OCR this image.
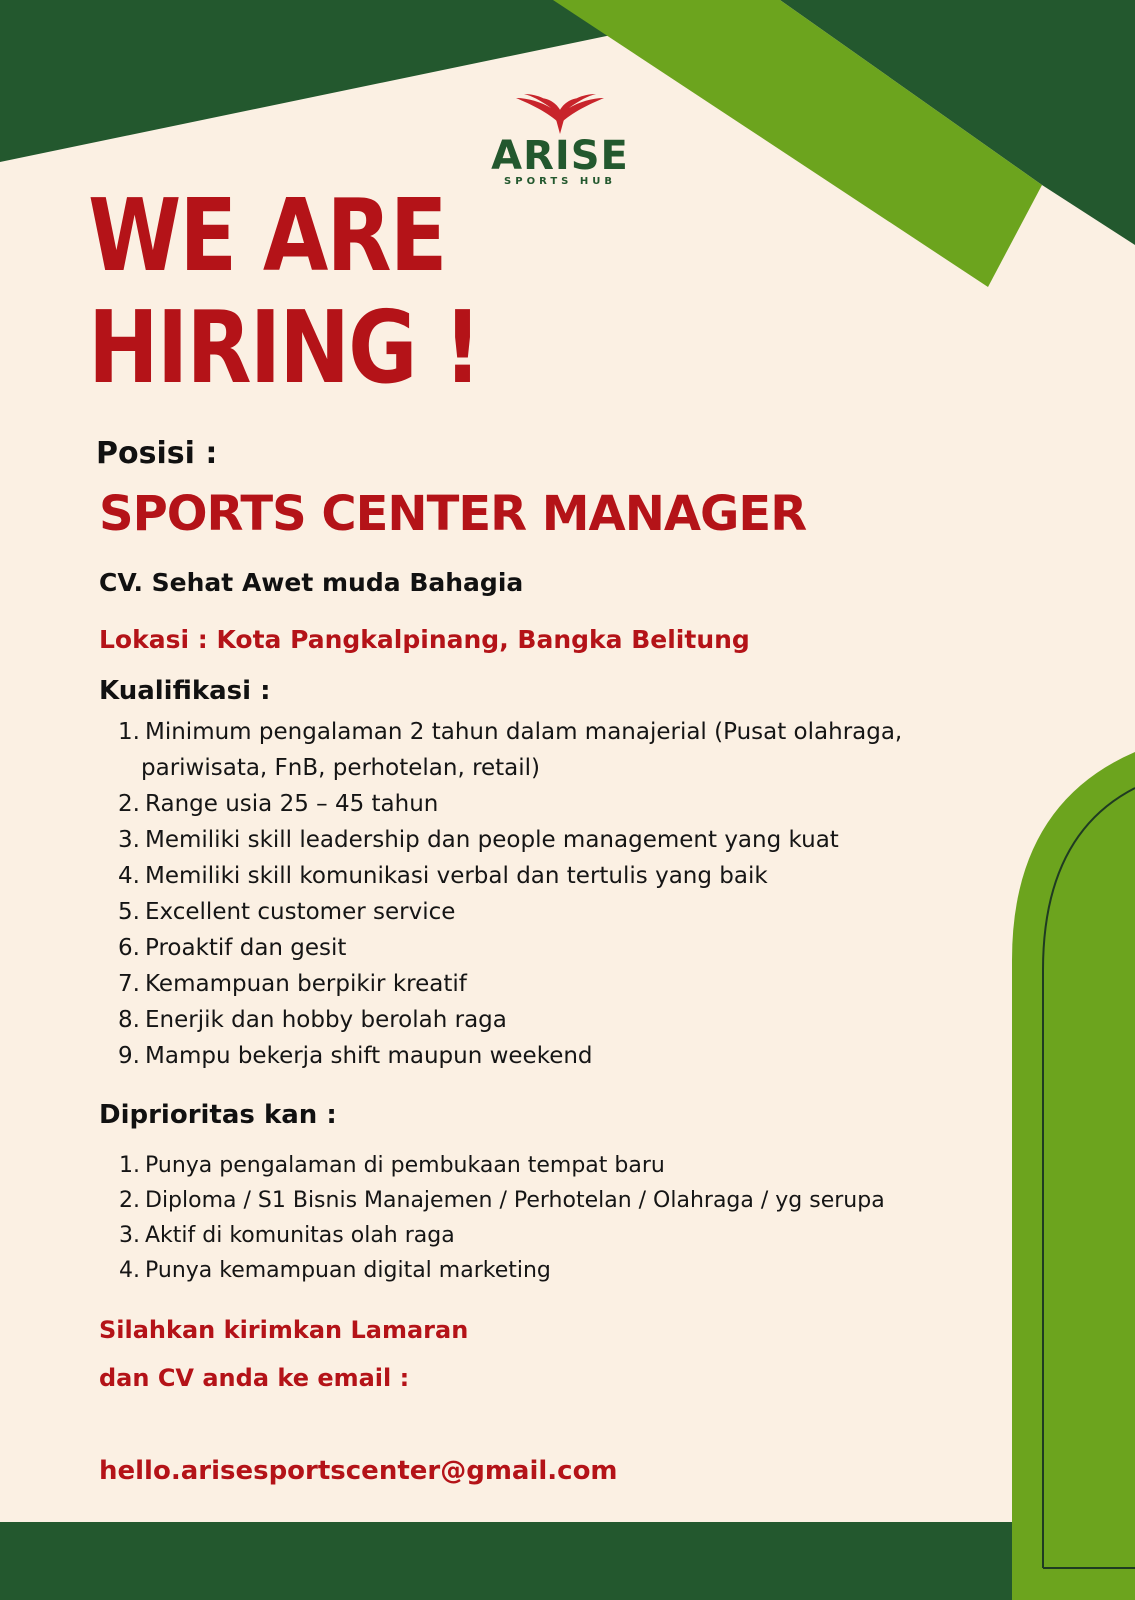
ARISE
SPORTS HUB
WE ARE
HIRING !

Posisi :

SPORTS CENTER MANAGER

CV. Sehat Awet muda Bahagia

Lokasi : Kota Pangkalpinang, Bangka Belitung

Kualifikasi :

1. Minimum pengalaman 2 tahun dalam manajerial (Pusat olahraga,
pariwisata, FnB, perhotelan, retail)
2. Range usia 25 – 45 tahun
3. Memiliki skill leadership dan people management yang kuat
4. Memiliki skill komunikasi verbal dan tertulis yang baik
5. Excellent customer service
6. Proaktif dan gesit
7. Kemampuan berpikir kreatif
8. Enerjik dan hobby berolah raga
9. Mampu bekerja shift maupun weekend

Diprioritas kan :

1. Punya pengalaman di pembukaan tempat baru
2. Diploma / S1 Bisnis Manajemen / Perhotelan / Olahraga / yg serupa
3. Aktif di komunitas olah raga
4. Punya kemampuan digital marketing

Silahkan kirimkan Lamaran

dan CV anda ke email :

hello.arisesportscenter@gmail.com
